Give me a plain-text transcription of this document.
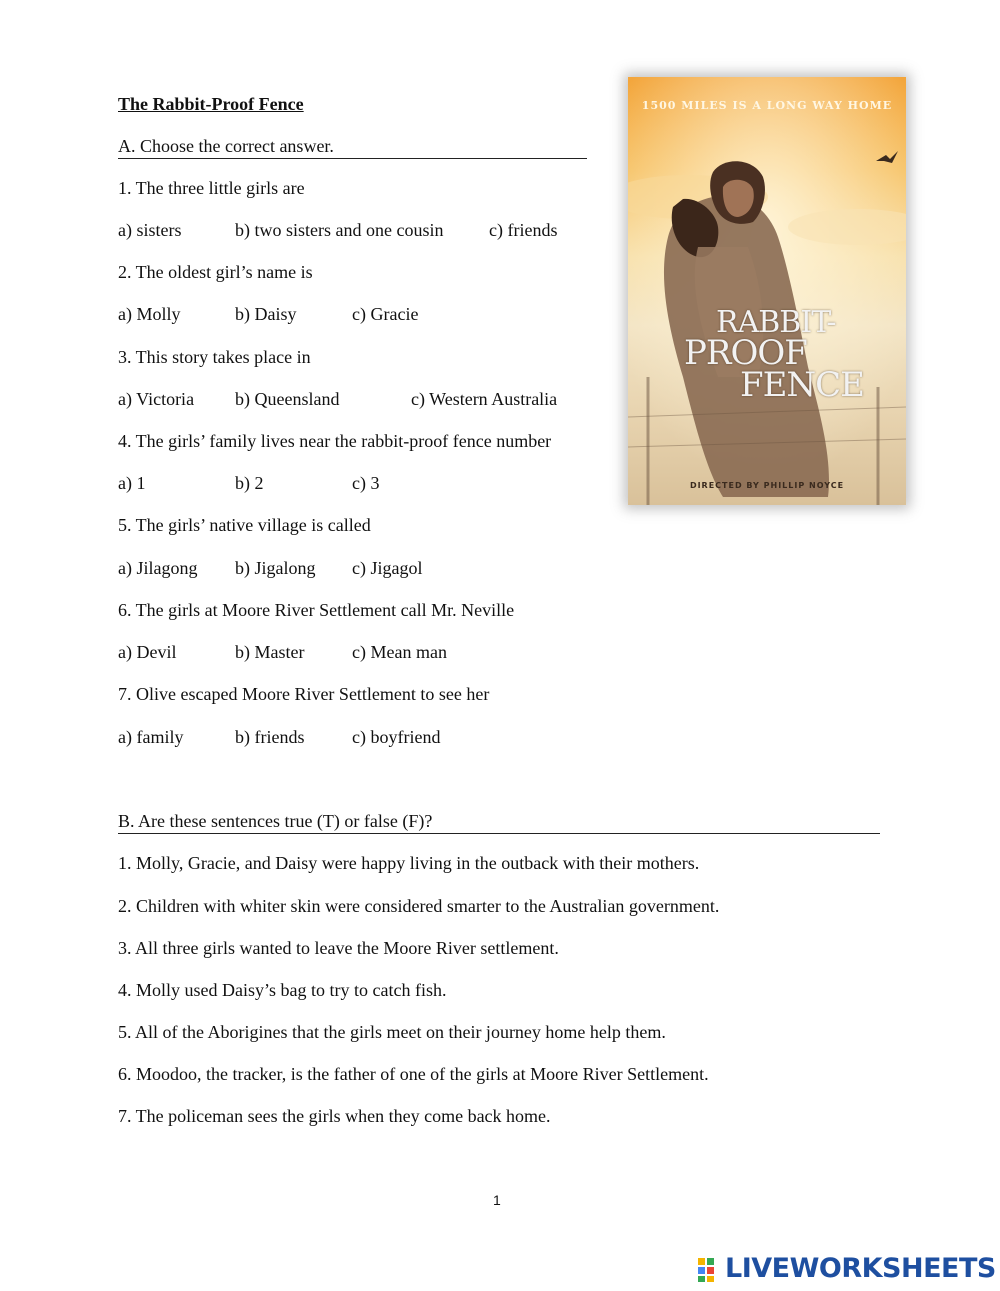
The Rabbit-Proof Fence
A. Choose the correct answer.
1. The three little girls are
a) sisters	b) two sisters and one cousin	c) friends
2. The oldest girl’s name is
a) Molly	b) Daisy	c) Gracie
3. This story takes place in
a) Victoria b) Queensland	c) Western Australia
4. The girls’ family lives near the rabbit-proof fence number
a) 1	b) 2	c) 3
5. The girls’ native village is called
a) Jilagong b) Jigalong c) Jigagol
6. The girls at Moore River Settlement call Mr. Neville
a) Devil	b) Master	c) Mean man
7. Olive escaped Moore River Settlement to see her
a) family	b) friends	c) boyfriend
B. Are these sentences true (T) or false (F)?
1. Molly, Gracie, and Daisy were happy living in the outback with their mothers.
2. Children with whiter skin were considered smarter to the Australian government.
3. All three girls wanted to leave the Moore River settlement.
4. Molly used Daisy’s bag to try to catch fish.
5. All of the Aborigines that the girls meet on their journey home help them.
6. Moodoo, the tracker, is the father of one of the girls at Moore River Settlement.
7. The policeman sees the girls when they come back home.
1500 MILES IS A LONG WAY HOME
RABBIT-
PROOF
FENCE
DIRECTED BY PHILLIP NOYCE
1
LIVEWORKSHEETS
